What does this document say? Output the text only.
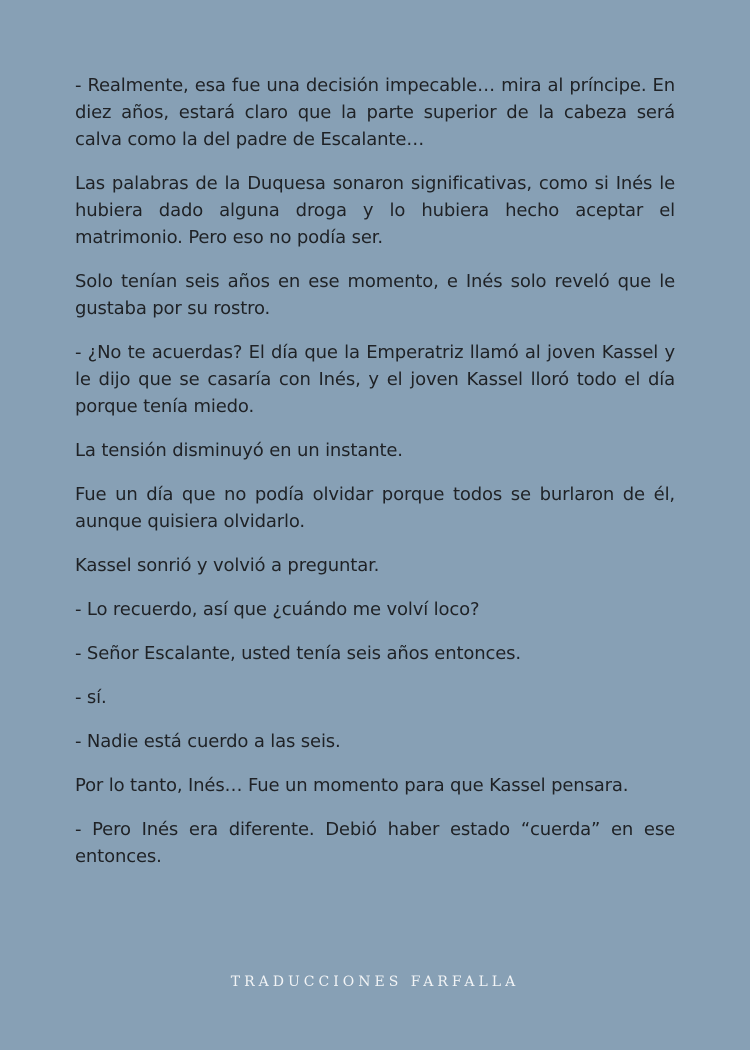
- Realmente, esa fue una decisión impecable… mira al príncipe. En diez años, estará claro que la parte superior de la cabeza será calva como la del padre de Escalante…

Las palabras de la Duquesa sonaron significativas, como si Inés le hubiera dado alguna droga y lo hubiera hecho aceptar el matrimonio. Pero eso no podía ser.

Solo tenían seis años en ese momento, e Inés solo reveló que le gustaba por su rostro.

- ¿No te acuerdas? El día que la Emperatriz llamó al joven Kassel y le dijo que se casaría con Inés, y el joven Kassel lloró todo el día porque tenía miedo.

La tensión disminuyó en un instante.

Fue un día que no podía olvidar porque todos se burlaron de él, aunque quisiera olvidarlo.

Kassel sonrió y volvió a preguntar.

- Lo recuerdo, así que ¿cuándo me volví loco?

- Señor Escalante, usted tenía seis años entonces.

- sí.

- Nadie está cuerdo a las seis.

Por lo tanto, Inés… Fue un momento para que Kassel pensara.

- Pero Inés era diferente. Debió haber estado “cuerda” en ese entonces.

TRADUCCIONES FARFALLA
